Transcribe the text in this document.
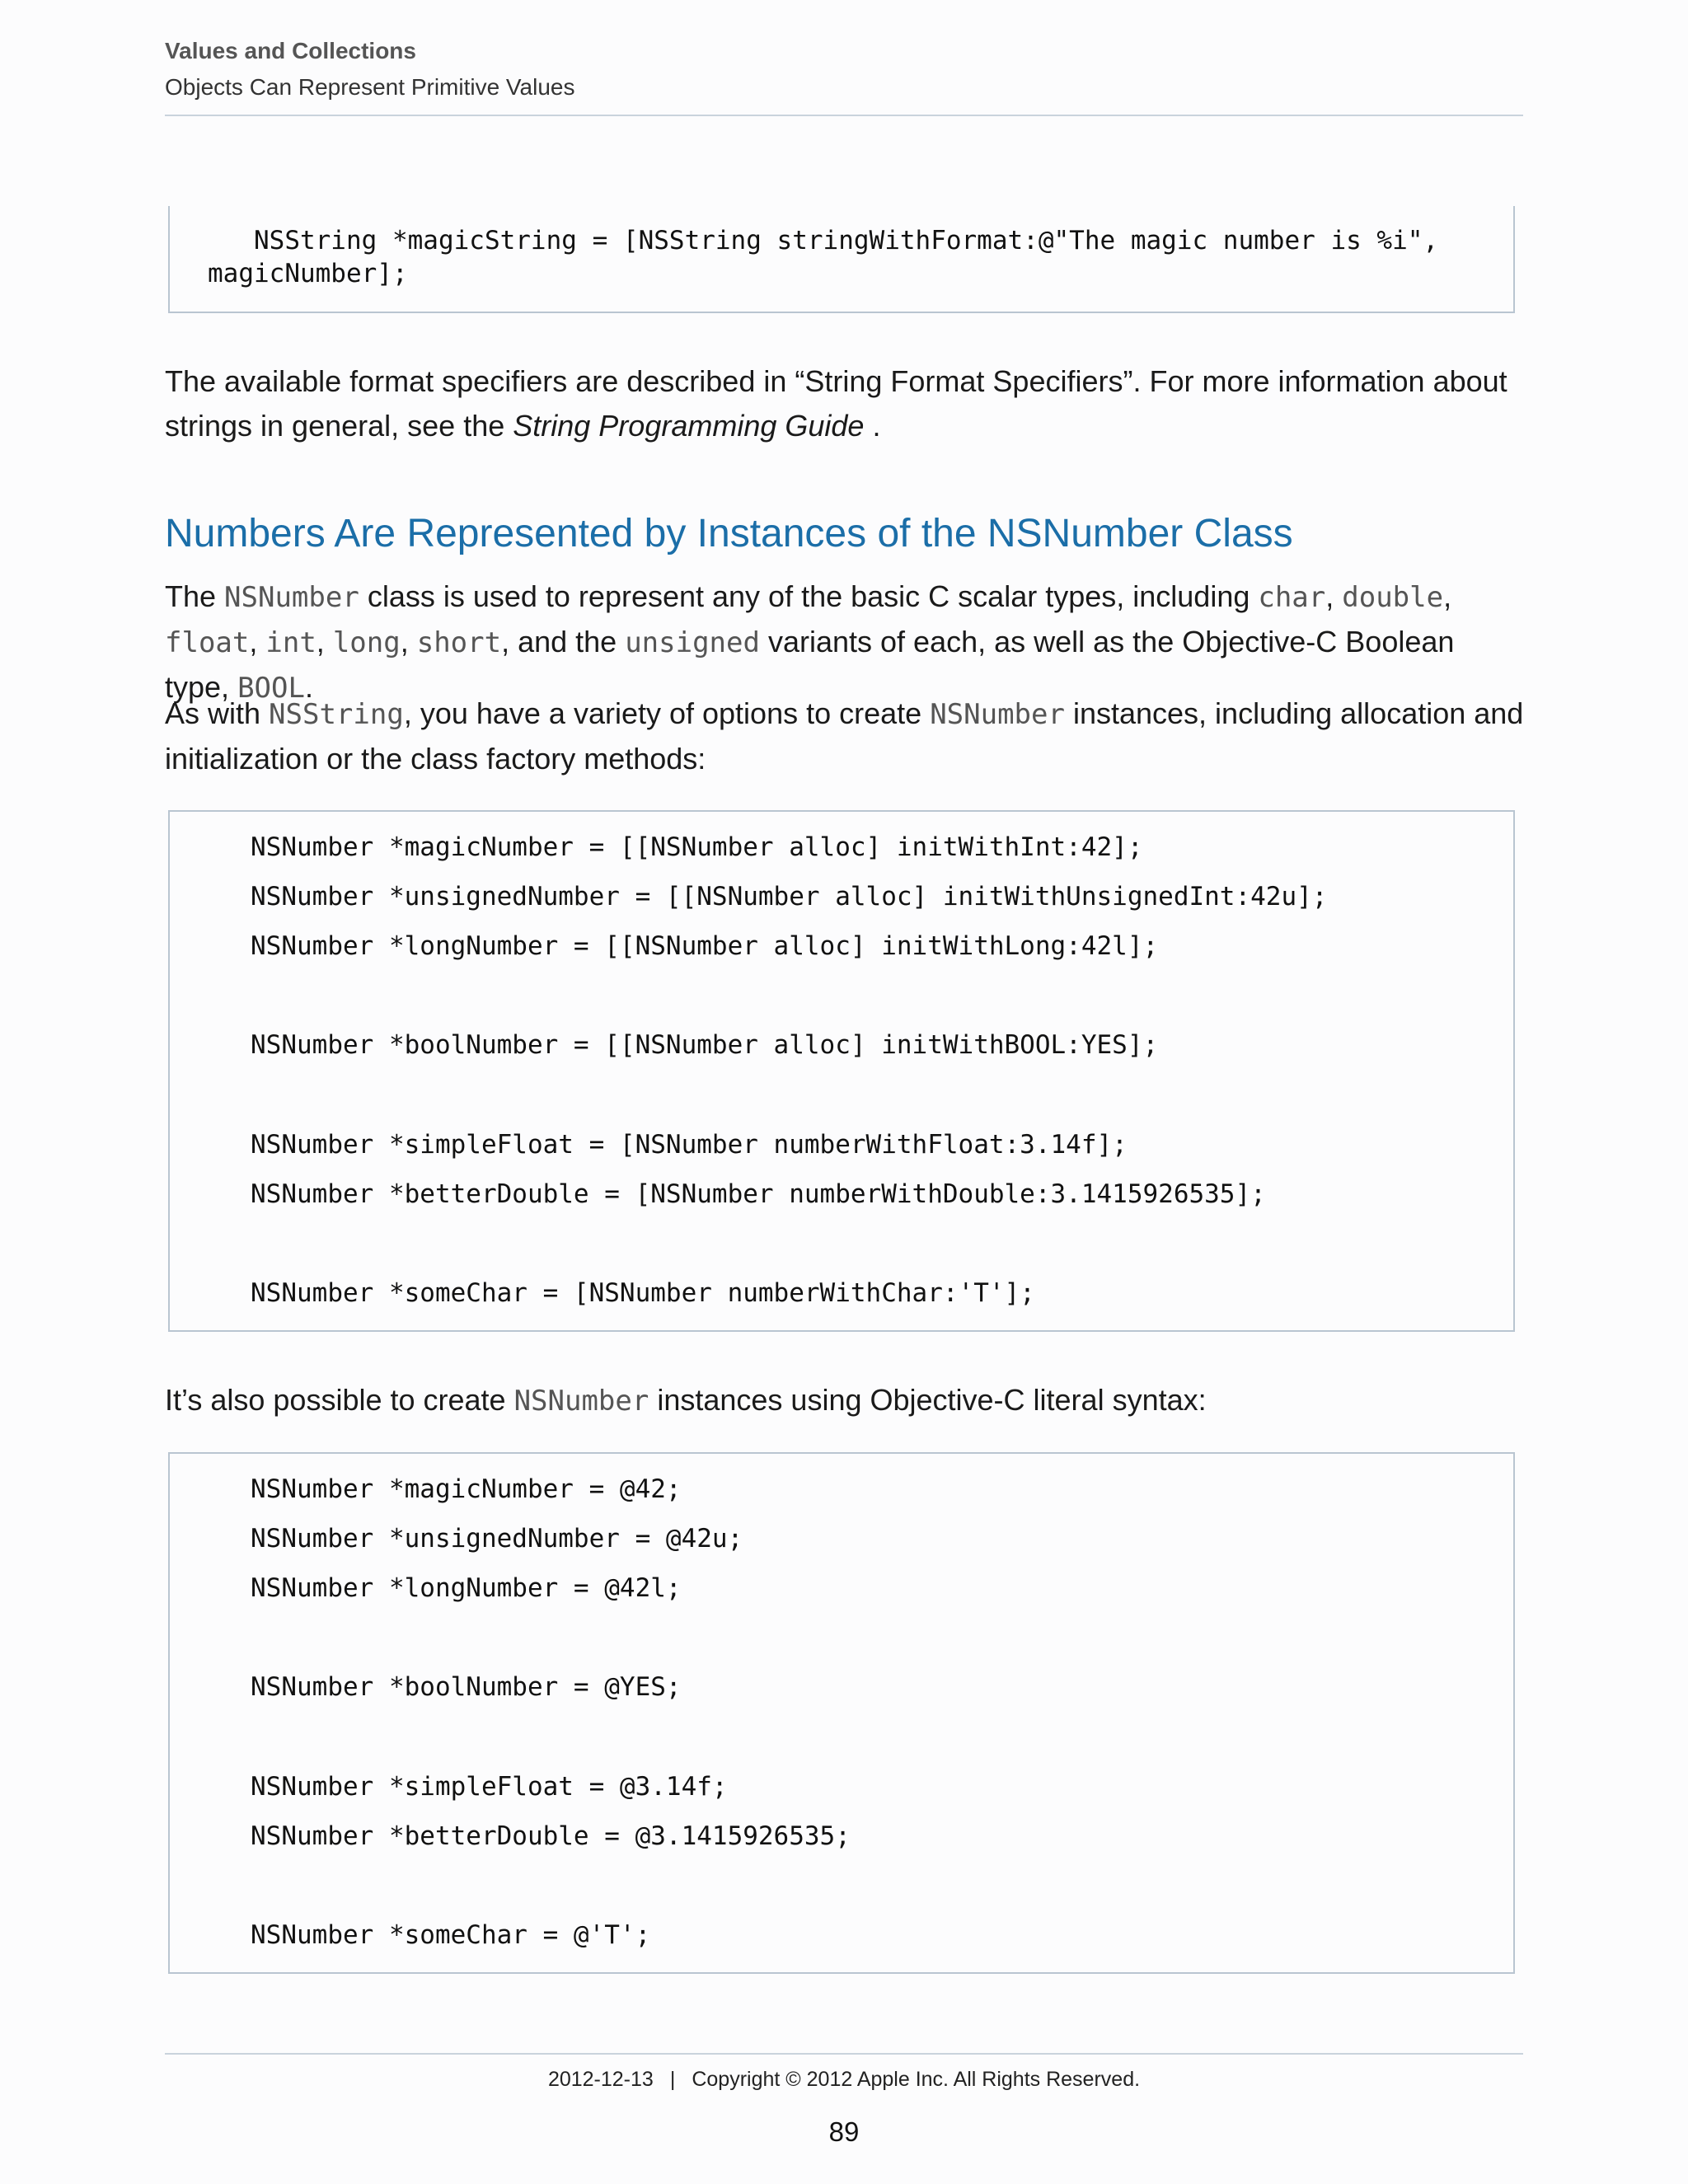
Values and Collections
Objects Can Represent Primitive Values
NSString *magicString = [NSString stringWithFormat:@"The magic number is %i",
magicNumber];
The available format specifiers are described in “String Format Specifiers”. For more information about strings in general, see the String Programming Guide .
Numbers Are Represented by Instances of the NSNumber Class
The NSNumber class is used to represent any of the basic C scalar types, including char, double, float, int, long, short, and the unsigned variants of each, as well as the Objective-C Boolean type, BOOL.
As with NSString, you have a variety of options to create NSNumber instances, including allocation and initialization or the class factory methods:
NSNumber *magicNumber = [[NSNumber alloc] initWithInt:42];
NSNumber *unsignedNumber = [[NSNumber alloc] initWithUnsignedInt:42u];
NSNumber *longNumber = [[NSNumber alloc] initWithLong:42l];
NSNumber *boolNumber = [[NSNumber alloc] initWithBOOL:YES];
NSNumber *simpleFloat = [NSNumber numberWithFloat:3.14f];
NSNumber *betterDouble = [NSNumber numberWithDouble:3.1415926535];
NSNumber *someChar = [NSNumber numberWithChar:'T'];
It’s also possible to create NSNumber instances using Objective-C literal syntax:
NSNumber *magicNumber = @42;
NSNumber *unsignedNumber = @42u;
NSNumber *longNumber = @42l;
NSNumber *boolNumber = @YES;
NSNumber *simpleFloat = @3.14f;
NSNumber *betterDouble = @3.1415926535;
NSNumber *someChar = @'T';
2012-12-13 | Copyright © 2012 Apple Inc. All Rights Reserved.
89
